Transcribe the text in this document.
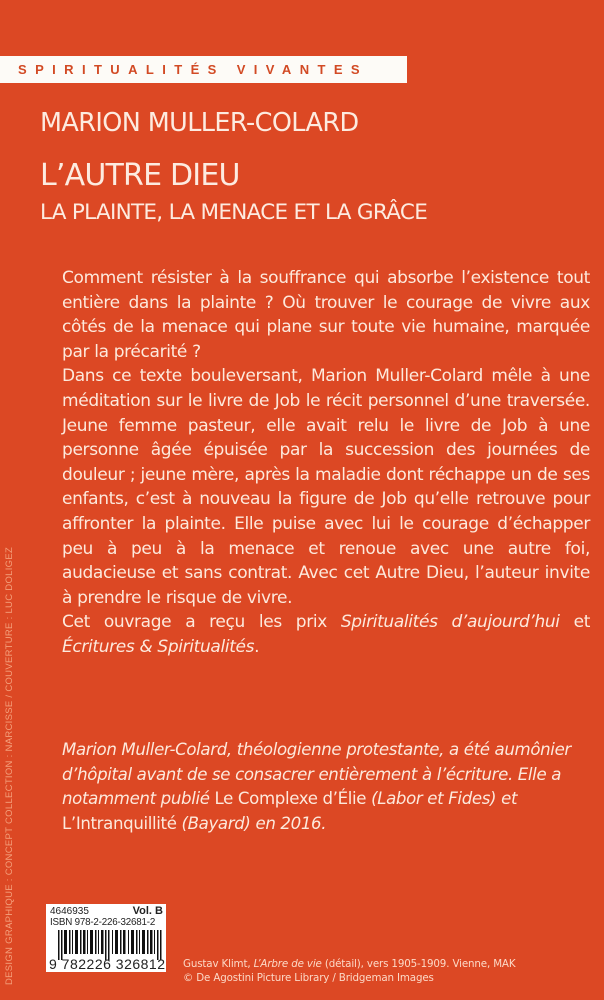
SPIRITUALITÉS VIVANTES
MARION MULLER-COLARD
L’AUTRE DIEU
LA PLAINTE, LA MENACE ET LA GRÂCE

Comment résister à la souffrance qui absorbe l’existence tout entière dans la plainte ? Où trouver le courage de vivre aux côtés de la menace qui plane sur toute vie humaine, marquée par la précarité ?

Dans ce texte bouleversant, Marion Muller-Colard mêle à une méditation sur le livre de Job le récit personnel d’une traversée. Jeune femme pasteur, elle avait relu le livre de Job à une personne âgée épuisée par la succession des journées de douleur ; jeune mère, après la maladie dont réchappe un de ses enfants, c’est à nouveau la figure de Job qu’elle retrouve pour affronter la plainte. Elle puise avec lui le courage d’échapper peu à peu à la menace et renoue avec une autre foi, audacieuse et sans contrat. Avec cet Autre Dieu, l’auteur invite à prendre le risque de vivre.

Cet ouvrage a reçu les prix Spiritualités d’aujourd’hui et Écritures & Spiritualités.

Marion Muller-Colard, théologienne protestante, a été aumônier d’hôpital avant de se consacrer entièrement à l’écriture. Elle a notamment publié Le Complexe d’Élie (Labor et Fides) et L’Intranquillité (Bayard) en 2016.
DESIGN GRAPHIQUE : CONCEPT COLLECTION : NARCISSE / COUVERTURE : LUC DOLIGEZ	4646935	Vol. B
ISBN 978-2-226-32681-2
9 782226 326812 Gustav Klimt, L’Arbre de vie (détail), vers 1905-1909. Vienne, MAK
© De Agostini Picture Library / Bridgeman Images
